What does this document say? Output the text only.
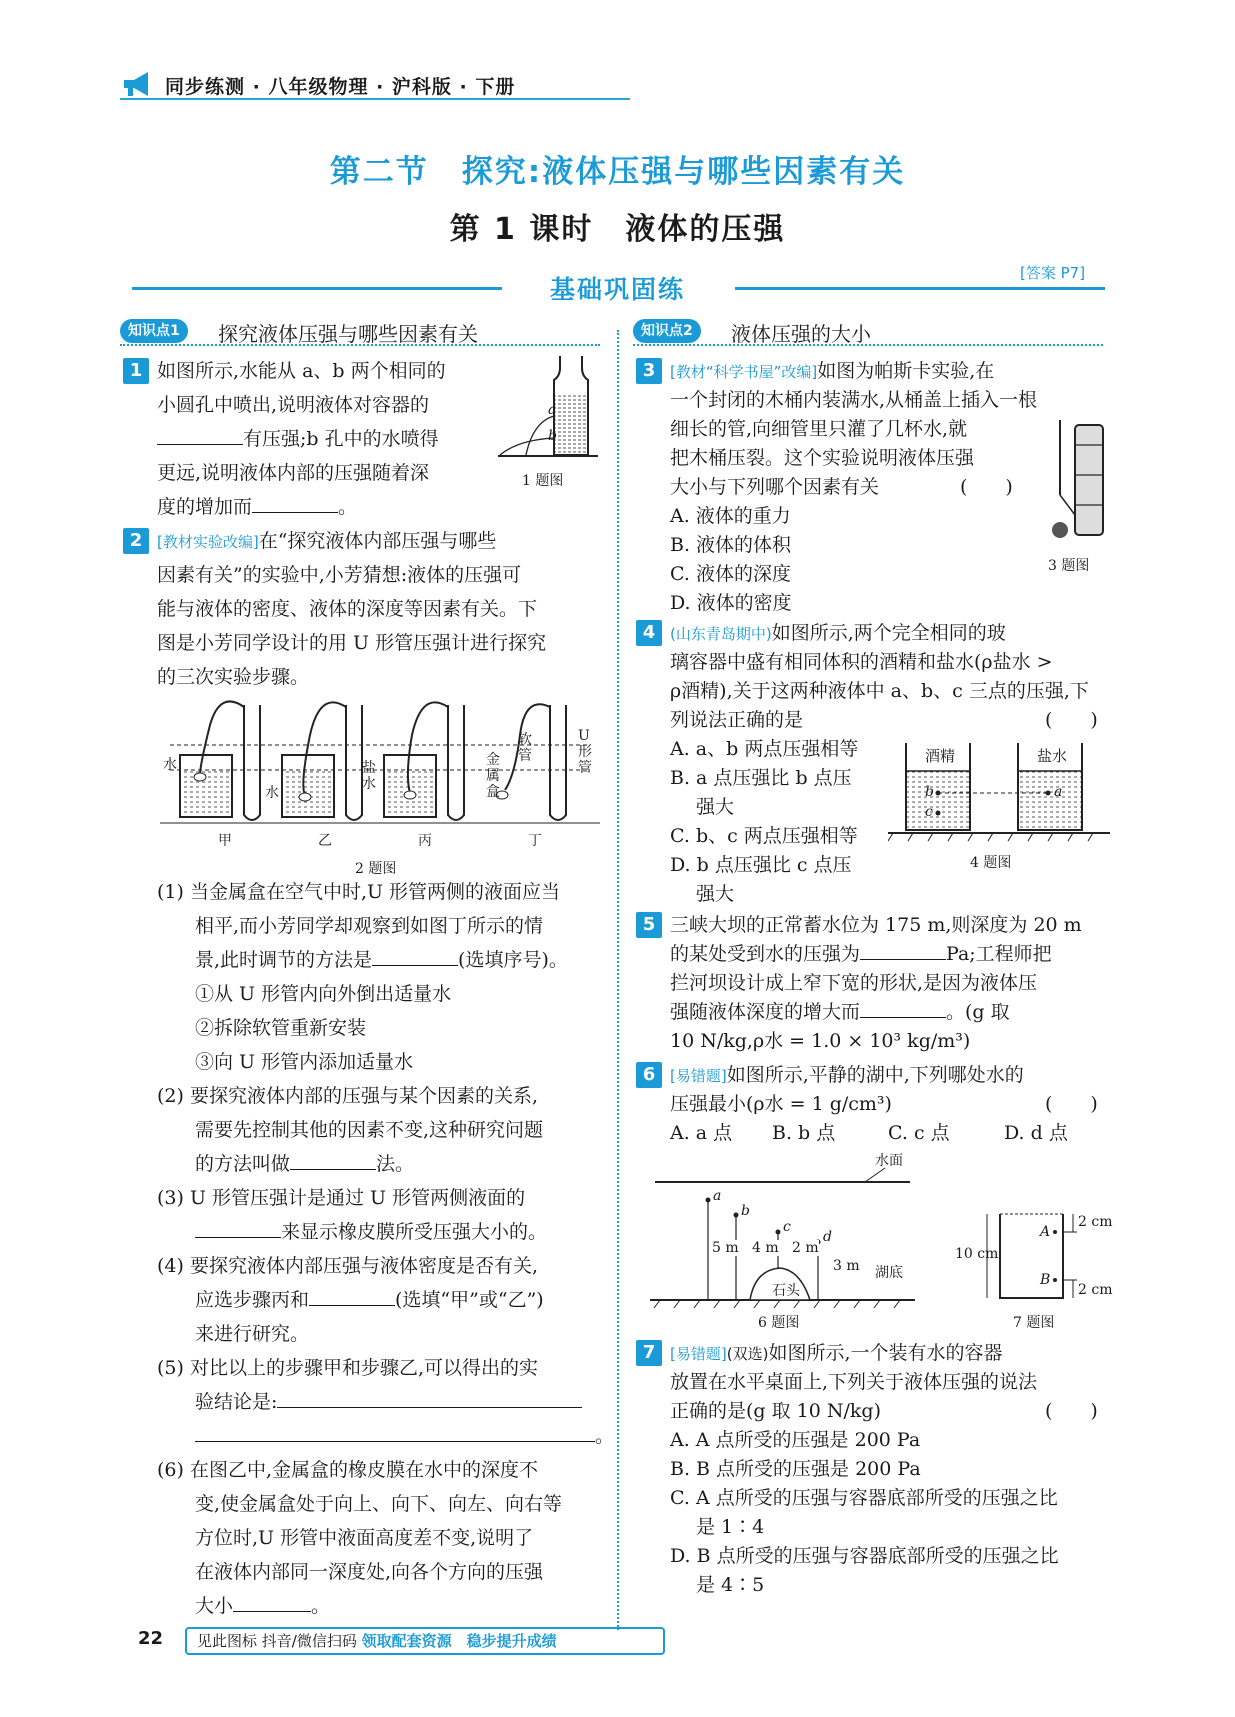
同步练测 · 八年级物理 · 沪科版 · 下册
第二节　探究:液体压强与哪些因素有关
第 1 课时　液体的压强
基础巩固练
[答案 P7]
知识点1	探究液体压强与哪些因素有关
1 如图所示,水能从 a、b 两个相同的
小圆孔中喷出,说明液体对容器的
有压强;b 孔中的水喷得
更远,说明液体内部的压强随着深
度的增加而	。
a
b
1 题图
2 [教材实验改编]在“探究液体内部压强与哪些
因素有关”的实验中,小芳猜想:液体的压强可
能与液体的密度、液体的深度等因素有关。下
图是小芳同学设计的用 U 形管压强计进行探究
的三次实验步骤。
水
水
盐水
甲	乙	丙	丁
金属盒
软管
U形管
2 题图
(1) 当金属盒在空气中时,U 形管两侧的液面应当
相平,而小芳同学却观察到如图丁所示的情
景,此时调节的方法是	(选填序号)。
①从 U 形管内向外倒出适量水
②拆除软管重新安装
③向 U 形管内添加适量水
(2) 要探究液体内部的压强与某个因素的关系,
需要先控制其他的因素不变,这种研究问题
的方法叫做	法。
(3) U 形管压强计是通过 U 形管两侧液面的
来显示橡皮膜所受压强大小的。
(4) 要探究液体内部压强与液体密度是否有关,
应选步骤丙和	(选填“甲”或“乙”)
来进行研究。
(5) 对比以上的步骤甲和步骤乙,可以得出的实
验结论是:
。
(6) 在图乙中,金属盒的橡皮膜在水中的深度不
变,使金属盒处于向上、向下、向左、向右等
方位时,U 形管中液面高度差不变,说明了
在液体内部同一深度处,向各个方向的压强
大小	。
知识点2	液体压强的大小
3 [教材“科学书屋”改编]如图为帕斯卡实验,在
一个封闭的木桶内装满水,从桶盖上插入一根
细长的管,向细管里只灌了几杯水,就
把木桶压裂。这个实验说明液体压强
大小与下列哪个因素有关	(　　)
A. 液体的重力
B. 液体的体积
C. 液体的深度
D. 液体的密度
3 题图
4 (山东青岛期中)如图所示,两个完全相同的玻
璃容器中盛有相同体积的酒精和盐水(ρ盐水 >
ρ酒精),关于这两种液体中 a、b、c 三点的压强,下
列说法正确的是	(　　)
A. a、b 两点压强相等
B. a 点压强比 b 点压
强大
C. b、c 两点压强相等
D. b 点压强比 c 点压
强大
酒精	盐水
b
c
a
4 题图
5 三峡大坝的正常蓄水位为 175 m,则深度为 20 m
的某处受到水的压强为	Pa;工程师把
拦河坝设计成上窄下宽的形状,是因为液体压
强随液体深度的增大而	。(g 取
10 N/kg,ρ水 = 1.0 × 10³ kg/m³)
6 [易错题]如图所示,平静的湖中,下列哪处水的
压强最小(ρ水 = 1 g/cm³)	(　　)
A. a 点 B. b 点	C. c 点	D. d 点
水面
a
b
c
d
5 m 4 m 2 m
3 m
石头
湖底
6 题图
A
B
10 cm
2 cm
2 cm
7 题图
7 [易错题](双选)如图所示,一个装有水的容器
放置在水平桌面上,下列关于液体压强的说法
正确的是(g 取 10 N/kg)	(　　)
A. A 点所受的压强是 200 Pa
B. B 点所受的压强是 200 Pa
C. A 点所受的压强与容器底部所受的压强之比
是 1∶4
D. B 点所受的压强与容器底部所受的压强之比
是 4∶5
22	见此图标 抖音/微信扫码 领取配套资源　稳步提升成绩
